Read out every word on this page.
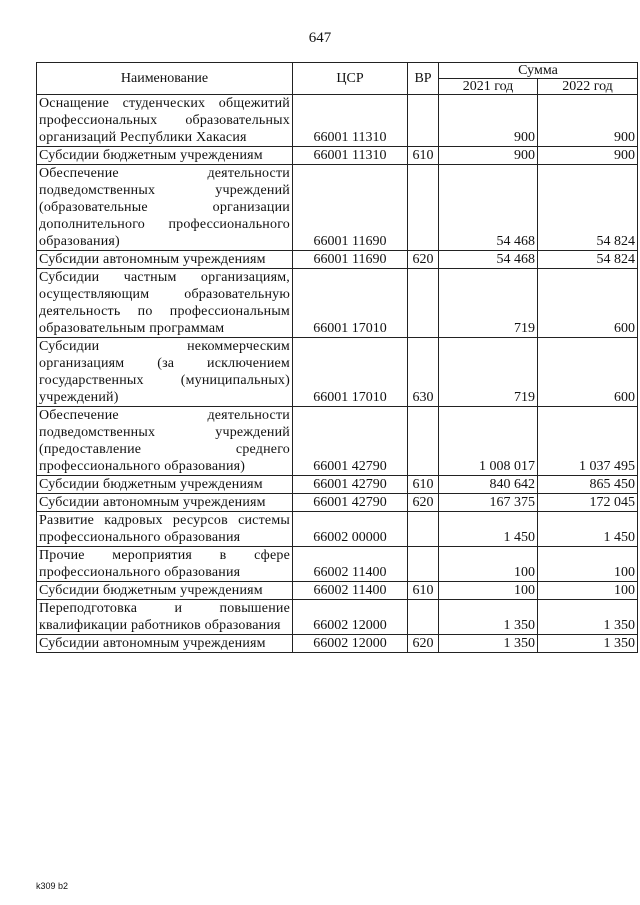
647
Наименование	ЦСР	ВР	Сумма	
			2021 год	2022 год
Оснащение студенческих общежитий профессиональных образовательных организаций Республики Хакасия	66001 11310		900	900
Субсидии бюджетным учреждениям	66001 11310	610	900	900
Обеспечение деятельности подведомственных учреждений (образовательные организации дополнительного профессионального образования)	66001 11690		54 468	54 824
Субсидии автономным учреждениям	66001 11690	620	54 468	54 824
Субсидии частным организациям, осуществляющим образовательную деятельность по профессиональным образовательным программам	66001 17010		719	600
Субсидии некоммерческим организациям (за исключением государственных (муниципальных) учреждений)	66001 17010	630	719	600
Обеспечение деятельности подведомственных учреждений (предоставление среднего профессионального образования)	66001 42790		1 008 017	1 037 495
Субсидии бюджетным учреждениям	66001 42790	610	840 642	865 450
Субсидии автономным учреждениям	66001 42790	620	167 375	172 045
Развитие кадровых ресурсов системы профессионального образования	66002 00000		1 450	1 450
Прочие мероприятия в сфере профессионального образования	66002 11400		100	100
Субсидии бюджетным учреждениям	66002 11400	610	100	100
Переподготовка и повышение квалификации работников образования	66002 12000		1 350	1 350
Субсидии автономным учреждениям	66002 12000	620	1 350	1 350
k309 b2
